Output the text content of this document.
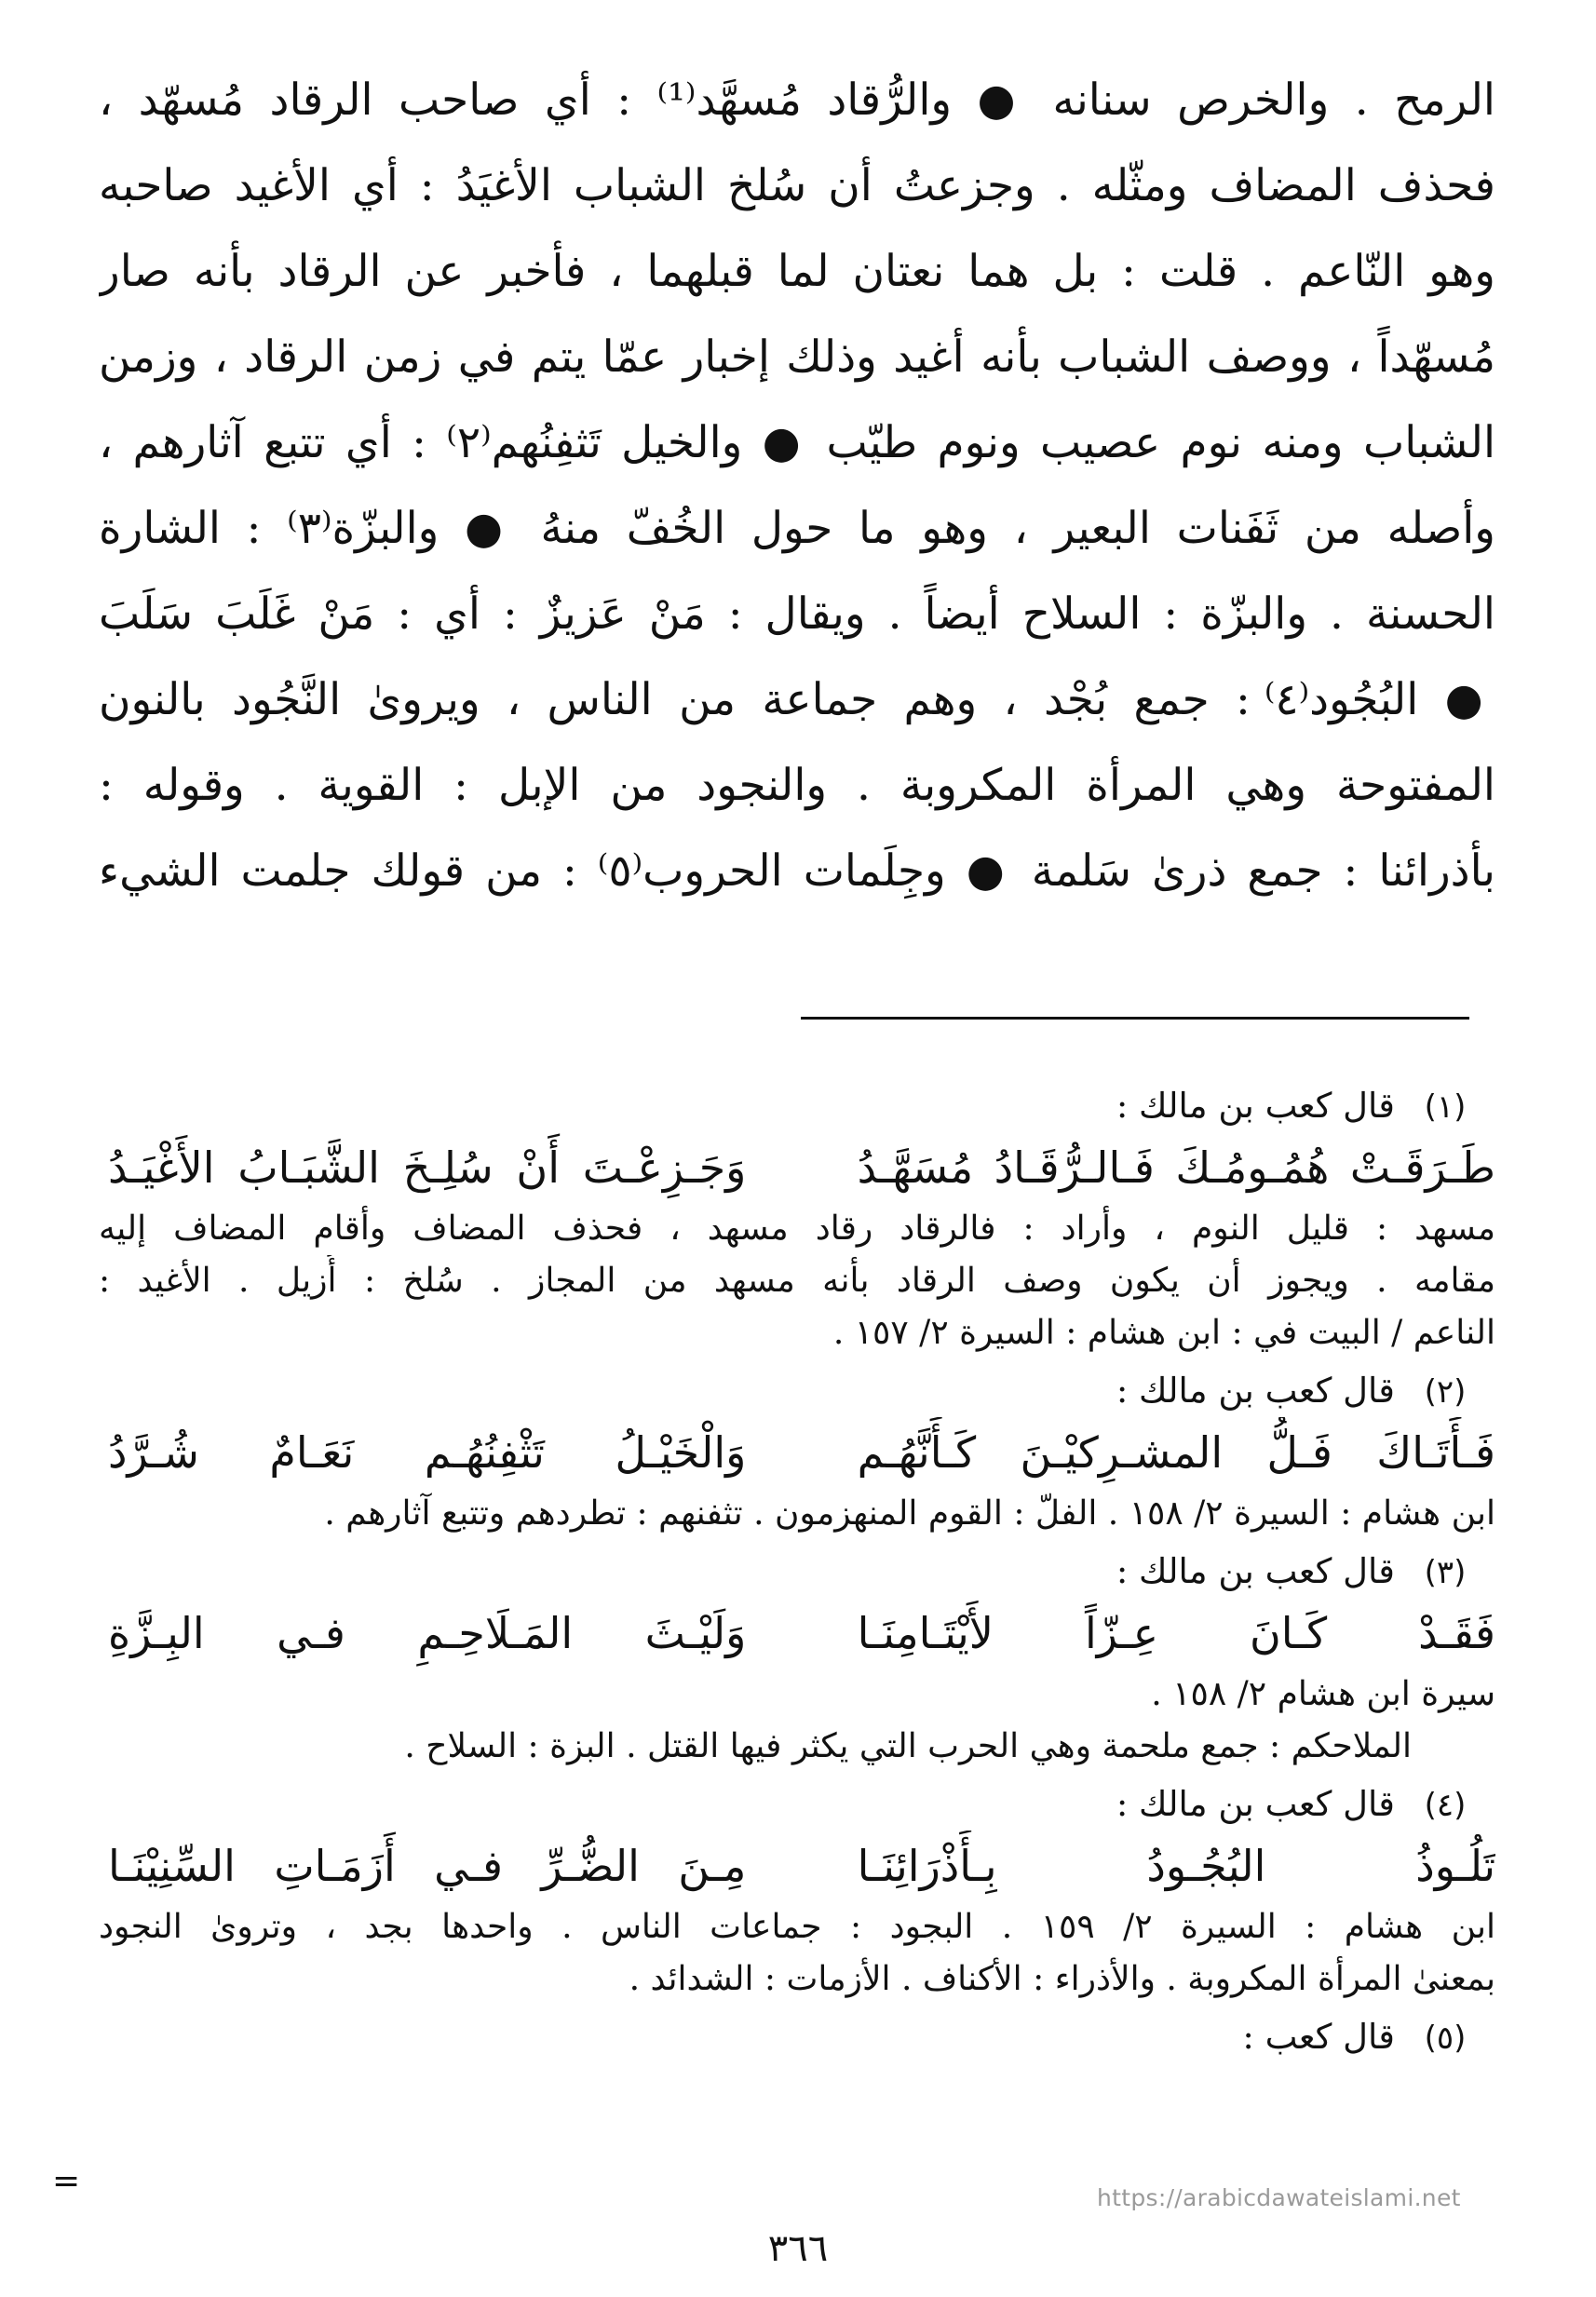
الرمح . والخرص سنانه ● والرُّقاد مُسهَّد⁽¹⁾ : أي صاحب الرقاد مُسهّد ،
فحذف المضاف ومثّله . وجزعتُ أن سُلخ الشباب الأغيَدُ : أي الأغيد صاحبه
وهو النّاعم . قلت : بل هما نعتان لما قبلهما ، فأخبر عن الرقاد بأنه صار
مُسهّداً ، ووصف الشباب بأنه أغيد وذلك إخبار عمّا يتم في زمن الرقاد ، وزمن
الشباب ومنه نوم عصيب ونوم طيّب ● والخيل تَثفِنُهم⁽٢⁾ : أي تتبع آثارهم ،
وأصله من ثَفَنات البعير ، وهو ما حول الخُفّ منهُ ● والبزّة⁽٣⁾ : الشارة
الحسنة . والبزّة : السلاح أيضاً . ويقال : مَنْ عَزيزٌ : أي : مَنْ غَلَبَ سَلَبَ
● البُجُود⁽٤⁾ : جمع بُجْد ، وهم جماعة من الناس ، ويروىٰ النَّجُود بالنون
المفتوحة وهي المرأة المكروبة . والنجود من الإبل : القوية . وقوله :
بأذرائنا : جمع ذرىٰ سَلمة ● وجِلَمات الحروب⁽٥⁾ : من قولك جلمت الشيء
(١)
قال كعب بن مالك :
طَـرَقَـتْ هُمُـومُـكَ فَـالـرُّقَـادُ مُسَهَّـدُ
وَجَـزِعْـتَ أَنْ سُلِـخَ الشَّبَـابُ الأَغْيَـدُ
مسهد : قليل النوم ، وأراد : فالرقاد رقاد مسهد ، فحذف المضاف وأقام المضاف إليه
مقامه . ويجوز أن يكون وصف الرقاد بأنه مسهد من المجاز . سُلخ : أُزيل . الأغيد :
الناعم / البيت في : ابن هشام : السيرة ٢/ ١٥٧ .
(٢)
قال كعب بن مالك :
فَـأَتَـاكَ فَـلُّ المشـرِكيْـنَ كَـأَنَّهُـم
وَالْخَيْـلُ تَثْفِنُهُـم نَعَـامٌ شُـرَّدُ
ابن هشام : السيرة ٢/ ١٥٨ . الفلّ : القوم المنهزمون . تثفنهم : تطردهم وتتبع آثارهم .
(٣)
قال كعب بن مالك :
فَقَـدْ كَـانَ عِـزّاً لأَيْتَـامِنَـا
وَلَيْـثَ المَـلَاحِـمِ فـي البِـزَّةِ
سيرة ابن هشام ٢/ ١٥٨ .
الملاحكم : جمع ملحمة وهي الحرب التي يكثر فيها القتل . البزة : السلاح .
(٤)
قال كعب بن مالك :
تَلُـوذُ البُجُـودُ بِـأَذْرَائِنَـا
مِـنَ الضُّـرِّ فـي أَزَمَـاتِ السِّنِيْنَـا
ابن هشام : السيرة ٢/ ١٥٩ . البجود : جماعات الناس . واحدها بجد ، وتروىٰ النجود
بمعنىٰ المرأة المكروبة . والأذراء : الأكناف . الأزمات : الشدائد .
(٥)
قال كعب :
=	https://arabicdawateislami.net
٣٦٦
